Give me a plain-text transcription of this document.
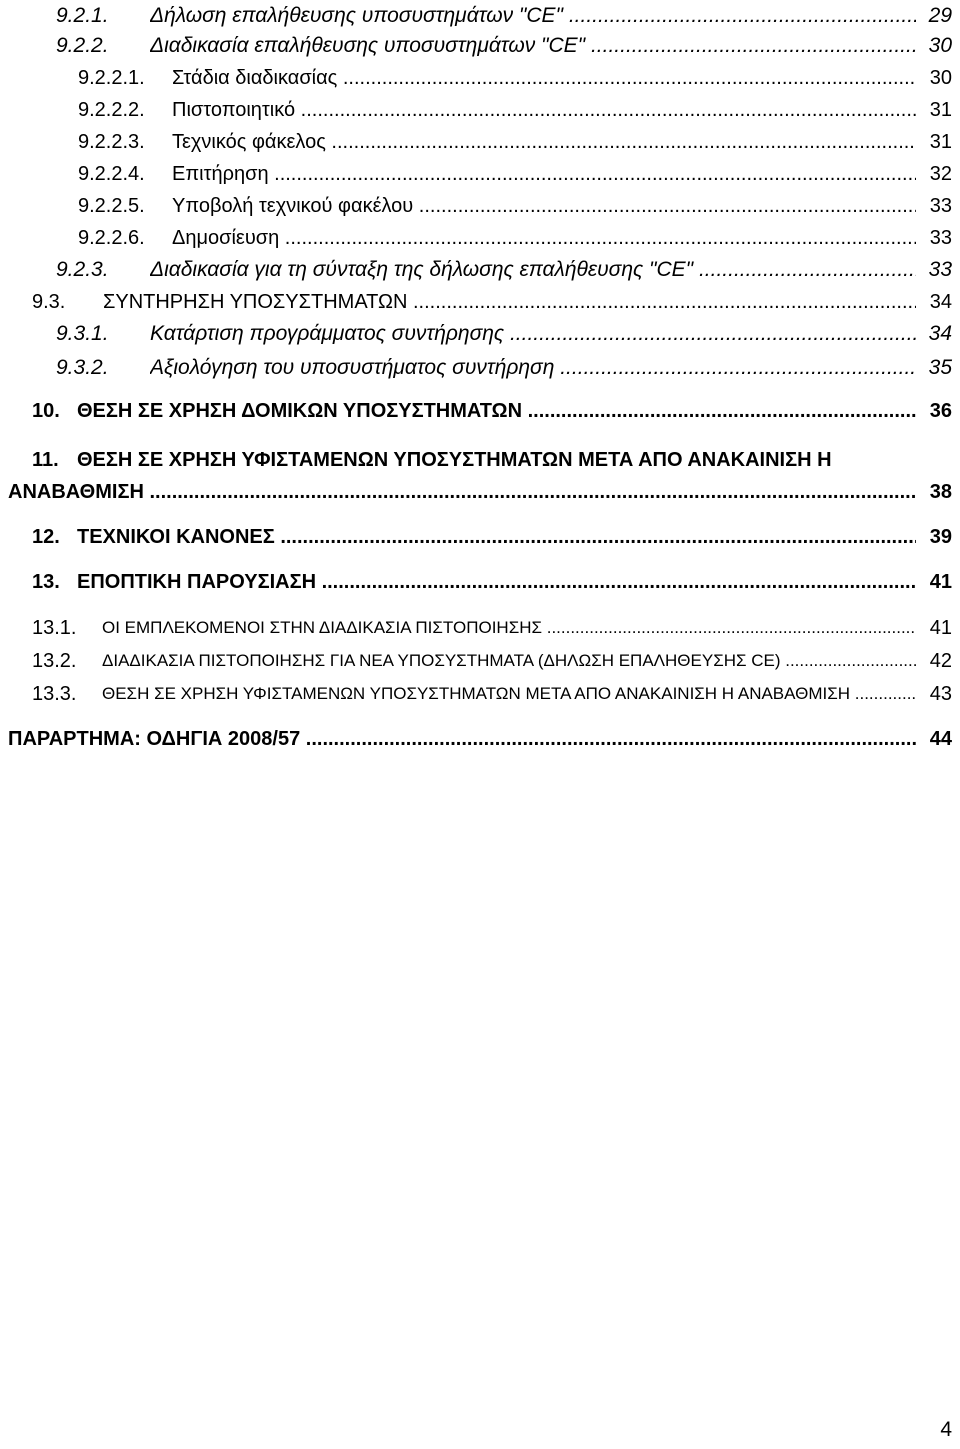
9.2.1. Δήλωση επαλήθευσης υποσυστημάτων "CE" .....	29
9.2.2. Διαδικασία επαλήθευσης υποσυστημάτων "CE" .....	30
9.2.2.1. Στάδια διαδικασίας .....	30
9.2.2.2. Πιστοποιητικό .....	31
9.2.2.3. Τεχνικός φάκελος .....	31
9.2.2.4. Επιτήρηση .....	32
9.2.2.5. Υποβολή τεχνικού φακέλου .....	33
9.2.2.6. Δημοσίευση .....	33
9.2.3. Διαδικασία για τη σύνταξη της δήλωσης επαλήθευσης "CE" .....	33
9.3. ΣΥΝΤΗΡΗΣΗ ΥΠΟΣΥΣΤΗΜΑΤΩΝ .....	34
9.3.1. Κατάρτιση προγράμματος συντήρησης .....	34
9.3.2. Αξιολόγηση του υποσυστήματος συντήρηση .....	35
10. ΘΕΣΗ ΣΕ ΧΡΗΣΗ ΔΟΜΙΚΩΝ ΥΠΟΣΥΣΤΗΜΑΤΩΝ .....	36
11. ΘΕΣΗ ΣΕ ΧΡΗΣΗ ΥΦΙΣΤΑΜΕΝΩΝ ΥΠΟΣΥΣΤΗΜΑΤΩΝ ΜΕΤΑ ΑΠΟ ΑΝΑΚΑΙΝΙΣΗ Η
ΑΝΑΒΑΘΜΙΣΗ .....	38
12. ΤΕΧΝΙΚΟΙ ΚΑΝΟΝΕΣ .....	39
13. ΕΠΟΠΤΙΚΗ ΠΑΡΟΥΣΙΑΣΗ .....	41
13.1. ΟΙ ΕΜΠΛΕΚΟΜΕΝΟΙ ΣΤΗΝ ΔΙΑΔΙΚΑΣΙΑ ΠΙΣΤΟΠΟΙΗΣΗΣ .....	41
13.2. ΔΙΑΔΙΚΑΣΙΑ ΠΙΣΤΟΠΟΙΗΣΗΣ ΓΙΑ ΝΕΑ ΥΠΟΣΥΣΤΗΜΑΤΑ (ΔΗΛΩΣΗ ΕΠΑΛΗΘΕΥΣΗΣ CE) .....	42
13.3. ΘΕΣΗ ΣΕ ΧΡΗΣΗ ΥΦΙΣΤΑΜΕΝΩΝ ΥΠΟΣΥΣΤΗΜΑΤΩΝ ΜΕΤΑ ΑΠΟ ΑΝΑΚΑΙΝΙΣΗ Η ΑΝΑΒΑΘΜΙΣΗ .....	43
ΠΑΡΑΡΤΗΜΑ: ΟΔΗΓΙΑ 2008/57 .....	44
4
